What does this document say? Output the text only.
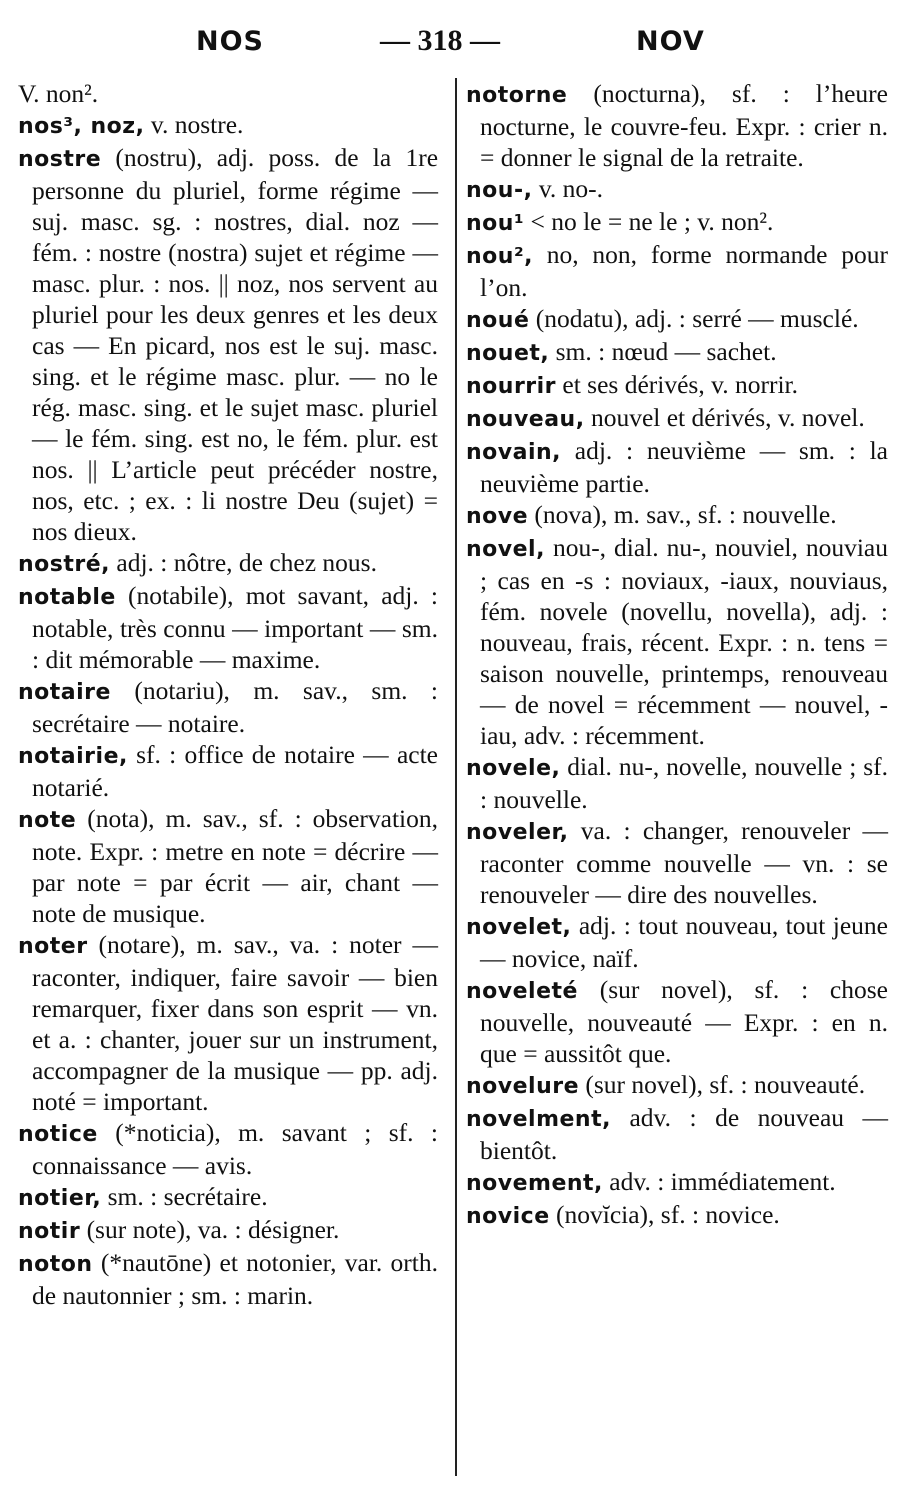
NOS	— 318 —	NOV
V. non².
nos³, noz, v. nostre.
nostre (nostru), adj. poss. de la 1re personne du pluriel, forme régime — suj. masc. sg. : nostres, dial. noz — fém. : nostre (nostra) sujet et régime — masc. plur. : nos. || noz, nos servent au pluriel pour les deux genres et les deux cas — En picard, nos est le suj. masc. sing. et le régime masc. plur. — no le rég. masc. sing. et le sujet masc. pluriel — le fém. sing. est no, le fém. plur. est nos. || L’article peut précéder nostre, nos, etc. ; ex. : li nostre Deu (sujet) = nos dieux.
nostré, adj. : nôtre, de chez nous.
notable (notabile), mot savant, adj. : notable, très connu — important — sm. : dit mémorable — maxime.
notaire (notariu), m. sav., sm. : secrétaire — notaire.
notairie, sf. : office de notaire — acte notarié.
note (nota), m. sav., sf. : observation, note. Expr. : metre en note = décrire — par note = par écrit — air, chant — note de musique.
noter (notare), m. sav., va. : noter — raconter, indiquer, faire savoir — bien remarquer, fixer dans son esprit — vn. et a. : chanter, jouer sur un instrument, accompagner de la musique — pp. adj. noté = important.
notice (*noticia), m. savant ; sf. : connaissance — avis.
notier, sm. : secrétaire.
notir (sur note), va. : désigner.
noton (*nautōne) et notonier, var. orth. de nautonnier ; sm. : marin.
notorne (nocturna), sf. : l’heure nocturne, le couvre-feu. Expr. : crier n. = donner le signal de la retraite.
nou-, v. no-.
nou¹ < no le = ne le ; v. non².
nou², no, non, forme normande pour l’on.
noué (nodatu), adj. : serré — musclé.
nouet, sm. : nœud — sachet.
nourrir et ses dérivés, v. norrir.
nouveau, nouvel et dérivés, v. novel.
novain, adj. : neuvième — sm. : la neuvième partie.
nove (nova), m. sav., sf. : nouvelle.
novel, nou-, dial. nu-, nouviel, nouviau ; cas en -s : noviaux, -iaux, nouviaus, fém. novele (novellu, novella), adj. : nouveau, frais, récent. Expr. : n. tens = saison nouvelle, printemps, renouveau — de novel = récemment — nouvel, -iau, adv. : récemment.
novele, dial. nu-, novelle, nouvelle ; sf. : nouvelle.
noveler, va. : changer, renouveler — raconter comme nouvelle — vn. : se renouveler — dire des nouvelles.
novelet, adj. : tout nouveau, tout jeune — novice, naïf.
noveleté (sur novel), sf. : chose nouvelle, nouveauté — Expr. : en n. que = aussitôt que.
novelure (sur novel), sf. : nouveauté.
novelment, adv. : de nouveau — bientôt.
novement, adv. : immédiatement.
novice (novĭcia), sf. : novice.
